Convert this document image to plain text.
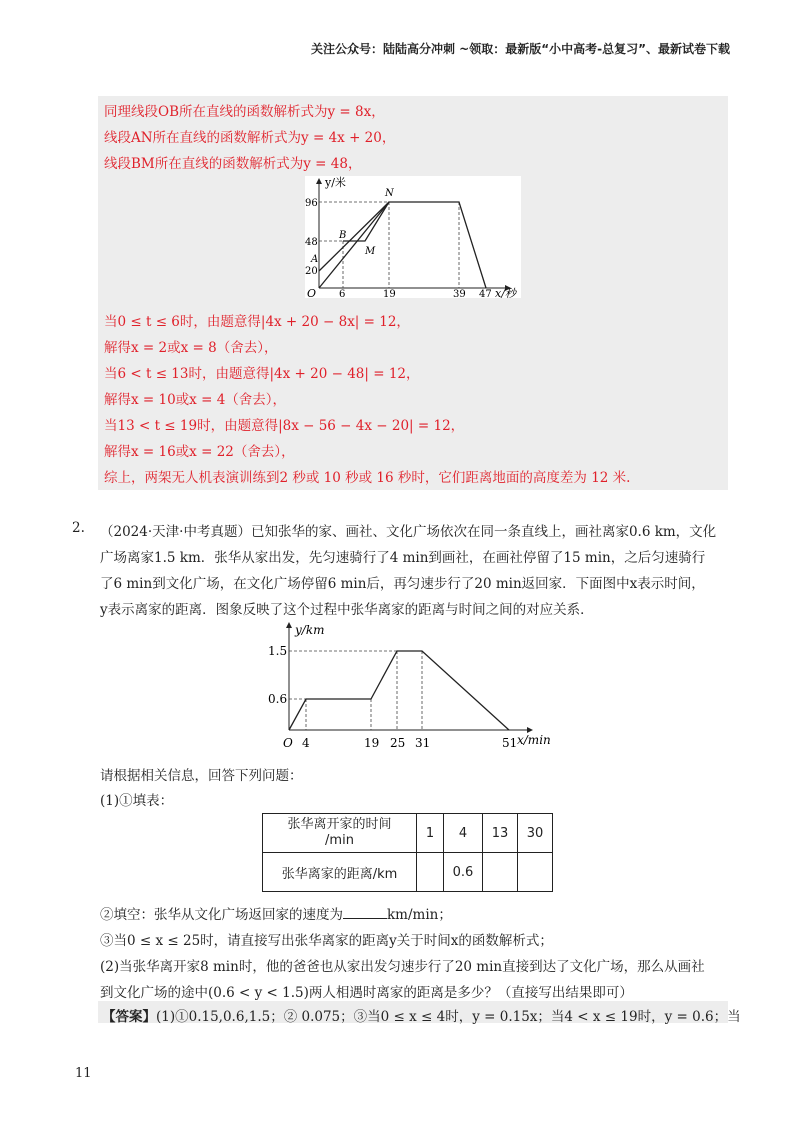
关注公众号：陆陆高分冲刺 ~领取：最新版“小中高考-总复习”、最新试卷下载
同理线段OB所在直线的函数解析式为y = 8x，
线段AN所在直线的函数解析式为y = 4x + 20，
线段BM所在直线的函数解析式为y = 48，
y/米
x/秒
O
96
48
20
6	19	39 47
A
B
M
N
当0 ≤ t ≤ 6时，由题意得|4x + 20 − 8x| = 12，
解得x = 2或x = 8（舍去），
当6 < t ≤ 13时，由题意得|4x + 20 − 48| = 12，
解得x = 10或x = 4（舍去），
当13 < t ≤ 19时，由题意得|8x − 56 − 4x − 20| = 12，
解得x = 16或x = 22（舍去），
综上，两架无人机表演训练到2 秒或 10 秒或 16 秒时，它们距离地面的高度差为 12 米.
2. （2024·天津·中考真题）已知张华的家、画社、文化广场依次在同一条直线上，画社离家0.6 km，文化
广场离家1.5 km．张华从家出发，先匀速骑行了4 min到画社，在画社停留了15 min，之后匀速骑行
了6 min到文化广场，在文化广场停留6 min后，再匀速步行了20 min返回家．下面图中x表示时间，
y表示离家的距离．图象反映了这个过程中张华离家的距离与时间之间的对应关系．
y/km
x/min
O
1.5
0.6
4	19 25 31	51
请根据相关信息，回答下列问题：
(1)①填表：
张华离开家的时间
/min	1	4	13	30
张华离家的距离/km		0.6		
②填空：张华从文化广场返回家的速度为	km/min；
③当0 ≤ x ≤ 25时，请直接写出张华离家的距离y关于时间x的函数解析式；
(2)当张华离开家8 min时，他的爸爸也从家出发匀速步行了20 min直接到达了文化广场，那么从画社
到文化广场的途中(0.6 < y < 1.5)两人相遇时离家的距离是多少？（直接写出结果即可）
【答案】(1)①0.15,0.6,1.5；② 0.075；③当0 ≤ x ≤ 4时，y = 0.15x；当4 < x ≤ 19时，y = 0.6；当
11
